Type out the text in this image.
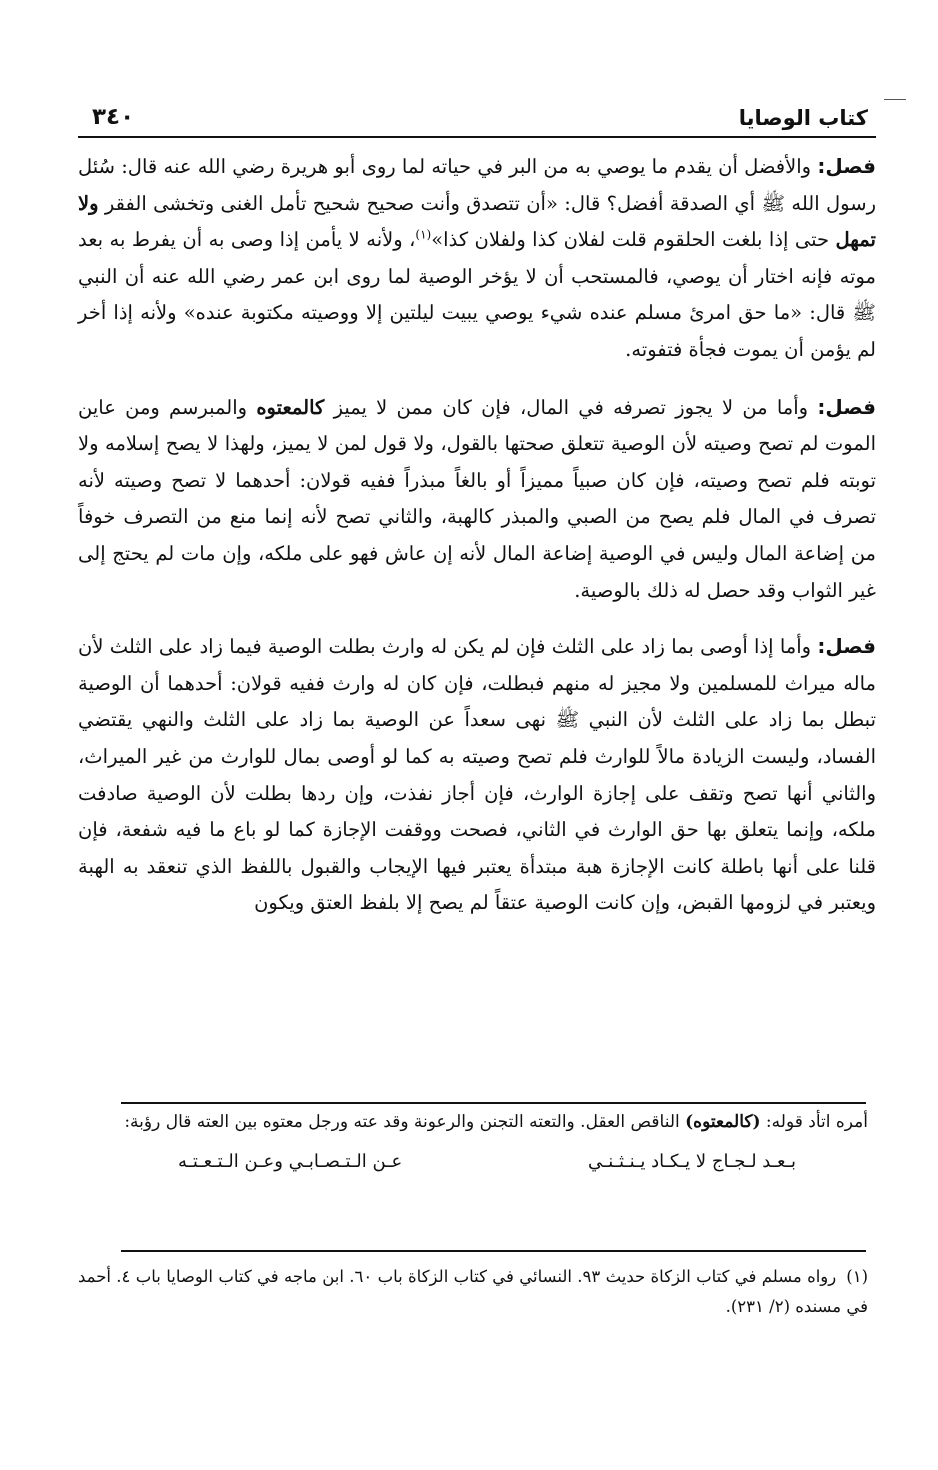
كتاب الوصايا
٣٤٠

فصل: والأفضل أن يقدم ما يوصي به من البر في حياته لما روى أبو هريرة رضي الله عنه قال: سُئل رسول الله ﷺ أي الصدقة أفضل؟ قال: «أن تتصدق وأنت صحيح شحيح تأمل الغنى وتخشى الفقر ولا تمهل حتى إذا بلغت الحلقوم قلت لفلان كذا ولفلان كذا»$^{(١)}$، ولأنه لا يأمن إذا وصى به أن يفرط به بعد موته فإنه اختار أن يوصي، فالمستحب أن لا يؤخر الوصية لما روى ابن عمر رضي الله عنه أن النبي ﷺ قال: «ما حق امرئ مسلم عنده شيء يوصي يبيت ليلتين إلا ووصيته مكتوبة عنده» ولأنه إذا أخر لم يؤمن أن يموت فجأة فتفوته.

فصل: وأما من لا يجوز تصرفه في المال، فإن كان ممن لا يميز كالمعتوه والمبرسم ومن عاين الموت لم تصح وصيته لأن الوصية تتعلق صحتها بالقول، ولا قول لمن لا يميز، ولهذا لا يصح إسلامه ولا توبته فلم تصح وصيته، فإن كان صبياً مميزاً أو بالغاً مبذراً ففيه قولان: أحدهما لا تصح وصيته لأنه تصرف في المال فلم يصح من الصبي والمبذر كالهبة، والثاني تصح لأنه إنما منع من التصرف خوفاً من إضاعة المال وليس في الوصية إضاعة المال لأنه إن عاش فهو على ملكه، وإن مات لم يحتج إلى غير الثواب وقد حصل له ذلك بالوصية.

فصل: وأما إذا أوصى بما زاد على الثلث فإن لم يكن له وارث بطلت الوصية فيما زاد على الثلث لأن ماله ميراث للمسلمين ولا مجيز له منهم فبطلت، فإن كان له وارث ففيه قولان: أحدهما أن الوصية تبطل بما زاد على الثلث لأن النبي ﷺ نهى سعداً عن الوصية بما زاد على الثلث والنهي يقتضي الفساد، وليست الزيادة مالاً للوارث فلم تصح وصيته به كما لو أوصى بمال للوارث من غير الميراث، والثاني أنها تصح وتقف على إجازة الوارث، فإن أجاز نفذت، وإن ردها بطلت لأن الوصية صادفت ملكه، وإنما يتعلق بها حق الوارث في الثاني، فصحت ووقفت الإجازة كما لو باع ما فيه شفعة، فإن قلنا على أنها باطلة كانت الإجازة هبة مبتدأة يعتبر فيها الإيجاب والقبول باللفظ الذي تنعقد به الهبة ويعتبر في لزومها القبض، وإن كانت الوصية عتقاً لم يصح إلا بلفظ العتق ويكون

أمره اتأد قوله: (كالمعتوه) الناقص العقل. والتعته التجنن والرعونة وقد عته ورجل معتوه بين العته قال رؤبة:

بـعـد لـجـاج لا يـكـاد يـنـثـنـي
عـن الـتـصـابـي وعـن الـتـعـتـه

(١)رواه مسلم في كتاب الزكاة حديث ٩٣. النسائي في كتاب الزكاة باب ٦٠. ابن ماجه في كتاب الوصايا باب ٤. أحمد في مسنده (٢/ ٢٣١).
